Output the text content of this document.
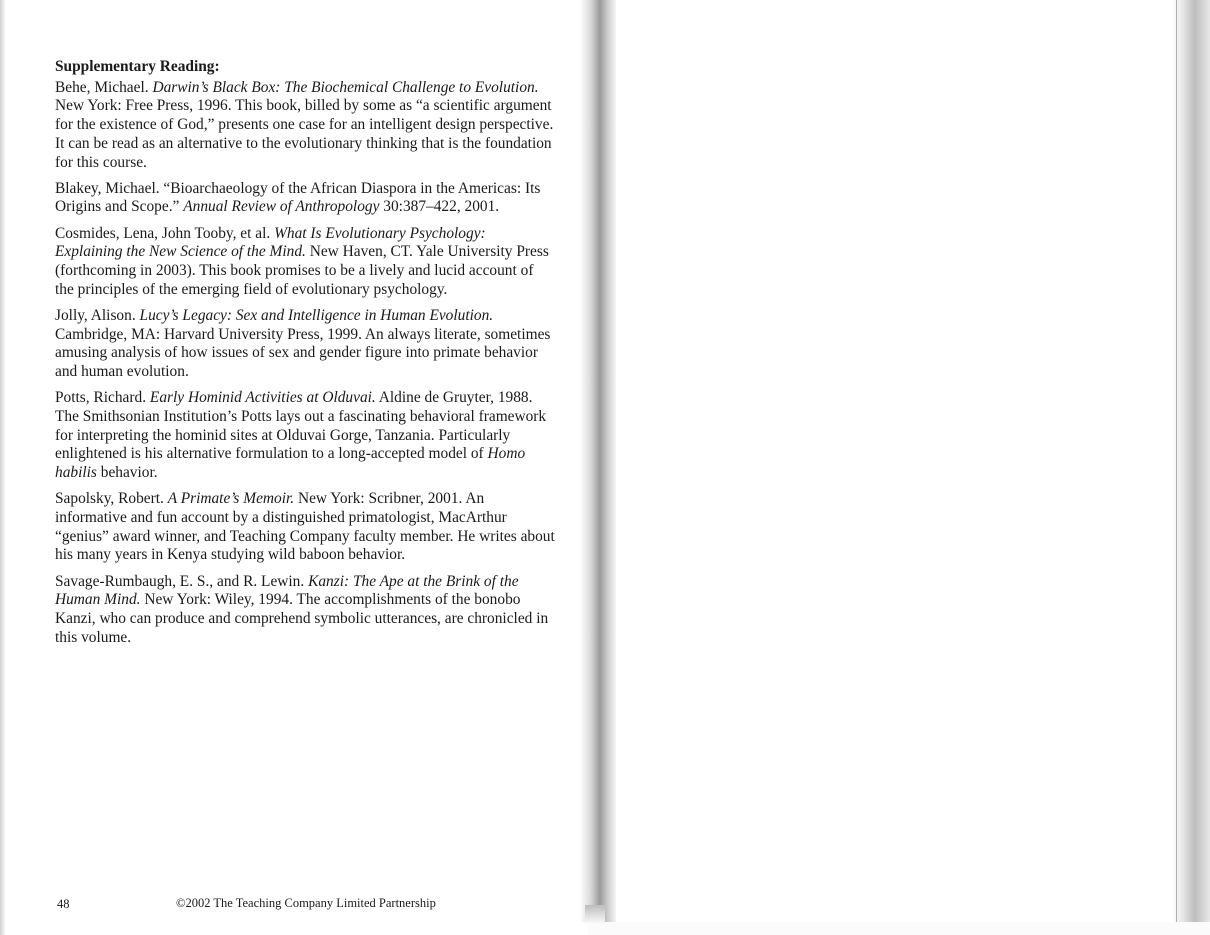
Supplementary Reading:

Behe, Michael. Darwin’s Black Box: The Biochemical Challenge to Evolution. New York: Free Press, 1996. This book, billed by some as “a scientific argument for the existence of God,” presents one case for an intelligent design perspective. It can be read as an alternative to the evolutionary thinking that is the foundation for this course.

Blakey, Michael. “Bioarchaeology of the African Diaspora in the Americas: Its Origins and Scope.” Annual Review of Anthropology 30:387–422, 2001.

Cosmides, Lena, John Tooby, et al. What Is Evolutionary Psychology: Explaining the New Science of the Mind. New Haven, CT. Yale University Press (forthcoming in 2003). This book promises to be a lively and lucid account of the principles of the emerging field of evolutionary psychology.

Jolly, Alison. Lucy’s Legacy: Sex and Intelligence in Human Evolution. Cambridge, MA: Harvard University Press, 1999. An always literate, sometimes amusing analysis of how issues of sex and gender figure into primate behavior and human evolution.

Potts, Richard. Early Hominid Activities at Olduvai. Aldine de Gruyter, 1988. The Smithsonian Institution’s Potts lays out a fascinating behavioral framework for interpreting the hominid sites at Olduvai Gorge, Tanzania. Particularly enlightened is his alternative formulation to a long-accepted model of Homo habilis behavior.

Sapolsky, Robert. A Primate’s Memoir. New York: Scribner, 2001. An informative and fun account by a distinguished primatologist, MacArthur “genius” award winner, and Teaching Company faculty member. He writes about his many years in Kenya studying wild baboon behavior.

Savage-Rumbaugh, E. S., and R. Lewin. Kanzi: The Ape at the Brink of the Human Mind. New York: Wiley, 1994. The accomplishments of the bonobo Kanzi, who can produce and comprehend symbolic utterances, are chronicled in this volume.

48	©2002 The Teaching Company Limited Partnership
